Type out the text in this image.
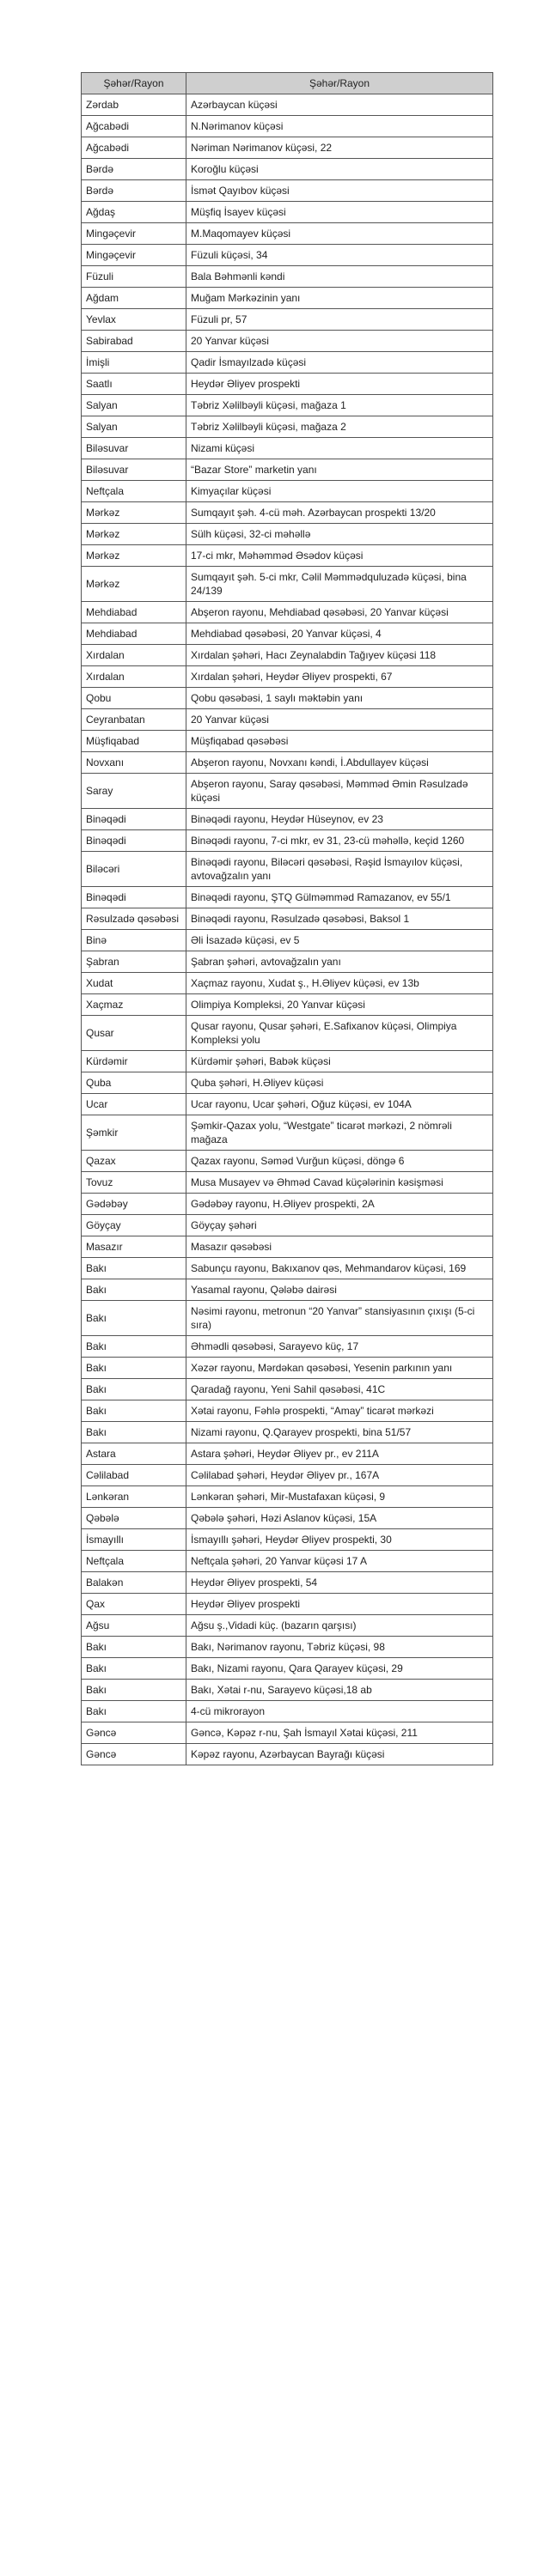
Şəhər/Rayon	Şəhər/Rayon
Zərdab	Azərbaycan küçəsi
Ağcabədi	N.Nərimanov küçəsi
Ağcabədi	Nəriman Nərimanov küçəsi, 22
Bərdə	Koroğlu küçəsi
Bərdə	İsmət Qayıbov küçəsi
Ağdaş	Müşfiq İsayev küçəsi
Mingəçevir	M.Maqomayev küçəsi
Mingəçevir	Füzuli küçəsi, 34
Füzuli	Bala Bəhmənli kəndi
Ağdam	Muğam Mərkəzinin yanı
Yevlax	Füzuli pr, 57
Sabirabad	20 Yanvar küçəsi
İmişli	Qadir İsmayılzadə küçəsi
Saatlı	Heydər Əliyev prospekti
Salyan	Təbriz Xəlilbəyli küçəsi, mağaza 1
Salyan	Təbriz Xəlilbəyli küçəsi, mağaza 2
Biləsuvar	Nizami küçəsi
Biləsuvar	“Bazar Store” marketin yanı
Neftçala	Kimyaçılar küçəsi
Mərkəz	Sumqayıt şəh. 4-cü məh. Azərbaycan prospekti 13/20
Mərkəz	Sülh küçəsi, 32-ci məhəllə
Mərkəz	17-ci mkr, Məhəmməd Əsədov küçəsi
Mərkəz	Sumqayıt şəh. 5-ci mkr, Cəlil Məmmədquluzadə küçəsi, bina 24/139
Mehdiabad	Abşeron rayonu, Mehdiabad qəsəbəsi, 20 Yanvar küçəsi
Mehdiabad	Mehdiabad qəsəbəsi, 20 Yanvar küçəsi, 4
Xırdalan	Xırdalan şəhəri, Hacı Zeynalabdin Tağıyev küçəsi 118
Xırdalan	Xırdalan şəhəri, Heydər Əliyev prospekti, 67
Qobu	Qobu qəsəbəsi, 1 saylı məktəbin yanı
Ceyranbatan	20 Yanvar küçəsi
Müşfiqabad	Müşfiqabad qəsəbəsi
Novxanı	Abşeron rayonu, Novxanı kəndi, İ.Abdullayev küçəsi
Saray	Abşeron rayonu, Saray qəsəbəsi, Məmməd Əmin Rəsulzadə küçəsi
Binəqədi	Binəqədi rayonu, Heydər Hüseynov, ev 23
Binəqədi	Binəqədi rayonu, 7-ci mkr, ev 31, 23-cü məhəllə, keçid 1260
Biləcəri	Binəqədi rayonu, Biləcəri qəsəbəsi, Rəşid İsmayılov küçəsi, avtovağzalın yanı
Binəqədi	Binəqədi rayonu, ŞTQ Gülməmməd Ramazanov, ev 55/1
Rəsulzadə qəsəbəsi	Binəqədi rayonu, Rəsulzadə qəsəbəsi, Baksol 1
Binə	Əli İsazadə küçəsi, ev 5
Şabran	Şabran şəhəri, avtovağzalın yanı
Xudat	Xaçmaz rayonu, Xudat ş., H.Əliyev küçəsi, ev 13b
Xaçmaz	Olimpiya Kompleksi, 20 Yanvar küçəsi
Qusar	Qusar rayonu, Qusar şəhəri, E.Safixanov küçəsi, Olimpiya Kompleksi yolu
Kürdəmir	Kürdəmir şəhəri, Babək küçəsi
Quba	Quba şəhəri, H.Əliyev küçəsi
Ucar	Ucar rayonu, Ucar şəhəri, Oğuz küçəsi, ev 104A
Şəmkir	Şəmkir-Qazax yolu, “Westgate” ticarət mərkəzi, 2 nömrəli mağaza
Qazax	Qazax rayonu, Səməd Vurğun küçəsi, döngə 6
Tovuz	Musa Musayev və Əhməd Cavad küçələrinin kəsişməsi
Gədəbəy	Gədəbəy rayonu, H.Əliyev prospekti, 2A
Göyçay	Göyçay şəhəri
Masazır	Masazır qəsəbəsi
Bakı	Sabunçu rayonu, Bakıxanov qəs, Mehmandarov küçəsi, 169
Bakı	Yasamal rayonu, Qələbə dairəsi
Bakı	Nəsimi rayonu, metronun “20 Yanvar” stansiyasının çıxışı (5-ci sıra)
Bakı	Əhmədli qəsəbəsi, Sarayevo küç, 17
Bakı	Xəzər rayonu, Mərdəkan qəsəbəsi, Yesenin parkının yanı
Bakı	Qaradağ rayonu, Yeni Sahil qəsəbəsi, 41C
Bakı	Xətai rayonu, Fəhlə prospekti, “Amay” ticarət mərkəzi
Bakı	Nizami rayonu, Q.Qarayev prospekti, bina 51/57
Astara	Astara şəhəri, Heydər Əliyev pr., ev 211A
Cəlilabad	Cəlilabad şəhəri, Heydər Əliyev pr., 167A
Lənkəran	Lənkəran şəhəri, Mir-Mustafaxan küçəsi, 9
Qəbələ	Qəbələ şəhəri, Həzi Aslanov küçəsi, 15A
İsmayıllı	İsmayıllı şəhəri, Heydər Əliyev prospekti, 30
Neftçala	Neftçala şəhəri, 20 Yanvar küçəsi 17 A
Balakən	Heydər Əliyev prospekti, 54
Qax	Heydər Əliyev prospekti
Ağsu	Ağsu ş.,Vidadi küç. (bazarın qarşısı)
Bakı	Bakı, Nərimanov rayonu, Təbriz küçəsi, 98
Bakı	Bakı, Nizami rayonu, Qara Qarayev küçəsi, 29
Bakı	Bakı, Xətai r-nu, Sarayevo küçəsi,18 ab
Bakı	4-cü mikrorayon
Gəncə	Gəncə, Kəpəz r-nu, Şah İsmayıl Xətai küçəsi, 211
Gəncə	Kəpəz rayonu, Azərbaycan Bayrağı küçəsi
